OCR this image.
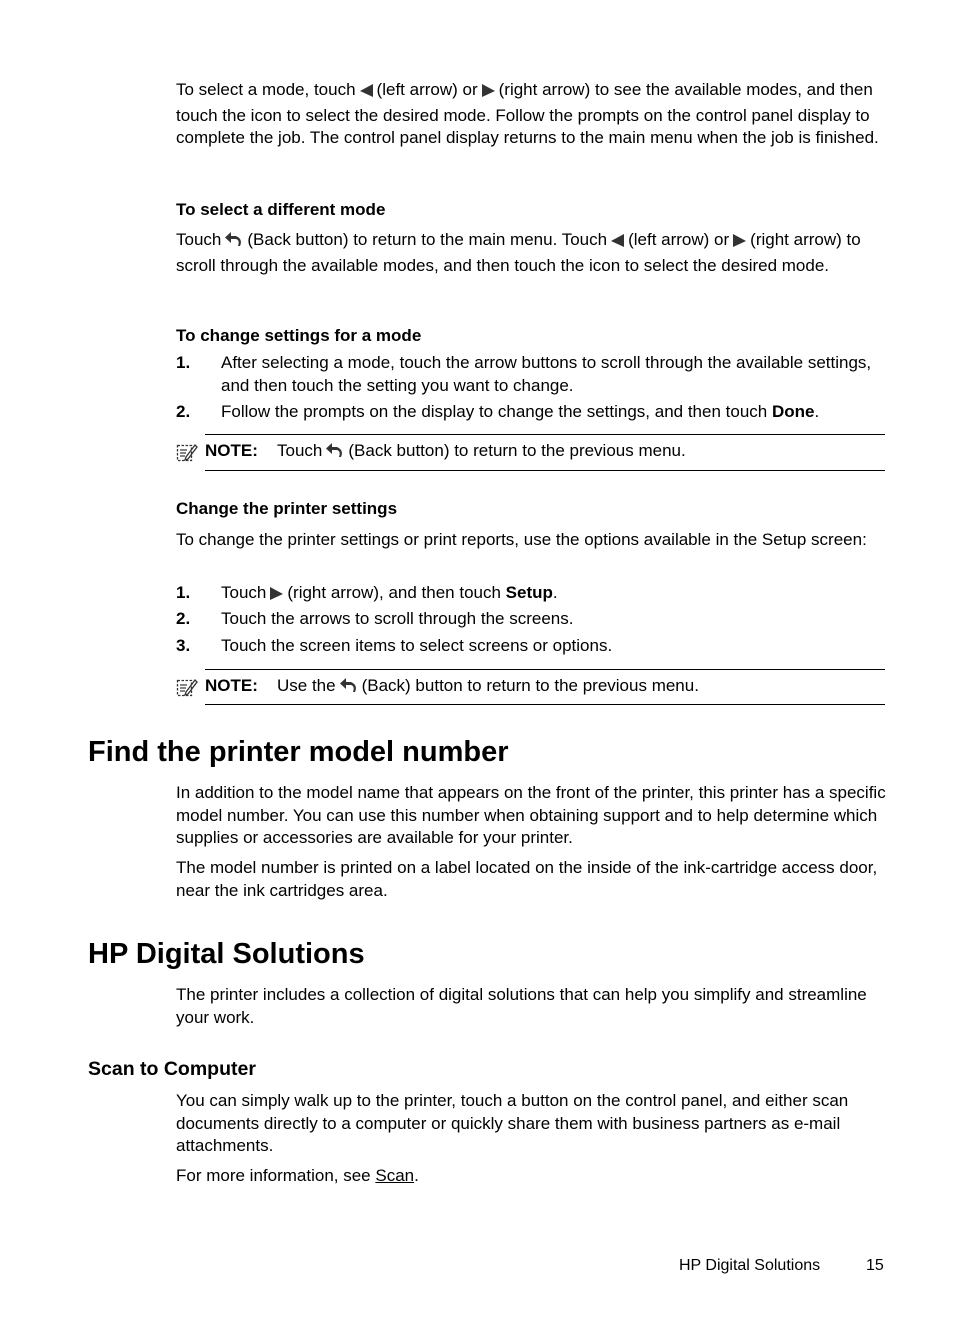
To select a mode, touch (left arrow) or (right arrow) to see the available modes, and then touch the icon to select the desired mode. Follow the prompts on the control panel display to complete the job. The control panel display returns to the main menu when the job is finished.

To select a different mode

Touch (Back button) to return to the main menu. Touch (left arrow) or (right arrow) to scroll through the available modes, and then touch the icon to select the desired mode.

To change settings for a mode
1. After selecting a mode, touch the arrow buttons to scroll through the available settings, and then touch the setting you want to change.
2. Follow the prompts on the display to change the settings, and then touch Done.
NOTE: Touch (Back button) to return to the previous menu.
Change the printer settings

To change the printer settings or print reports, use the options available in the Setup screen:

1. Touch (right arrow), and then touch Setup.
2. Touch the arrows to scroll through the screens.
3. Touch the screen items to select screens or options.
NOTE: Use the (Back) button to return to the previous menu.
Find the printer model number

In addition to the model name that appears on the front of the printer, this printer has a specific model number. You can use this number when obtaining support and to help determine which supplies or accessories are available for your printer.

The model number is printed on a label located on the inside of the ink-cartridge access door, near the ink cartridges area.

HP Digital Solutions

The printer includes a collection of digital solutions that can help you simplify and streamline your work.

Scan to Computer

You can simply walk up to the printer, touch a button on the control panel, and either scan documents directly to a computer or quickly share them with business partners as e-mail attachments.

For more information, see Scan.

HP Digital Solutions	15
